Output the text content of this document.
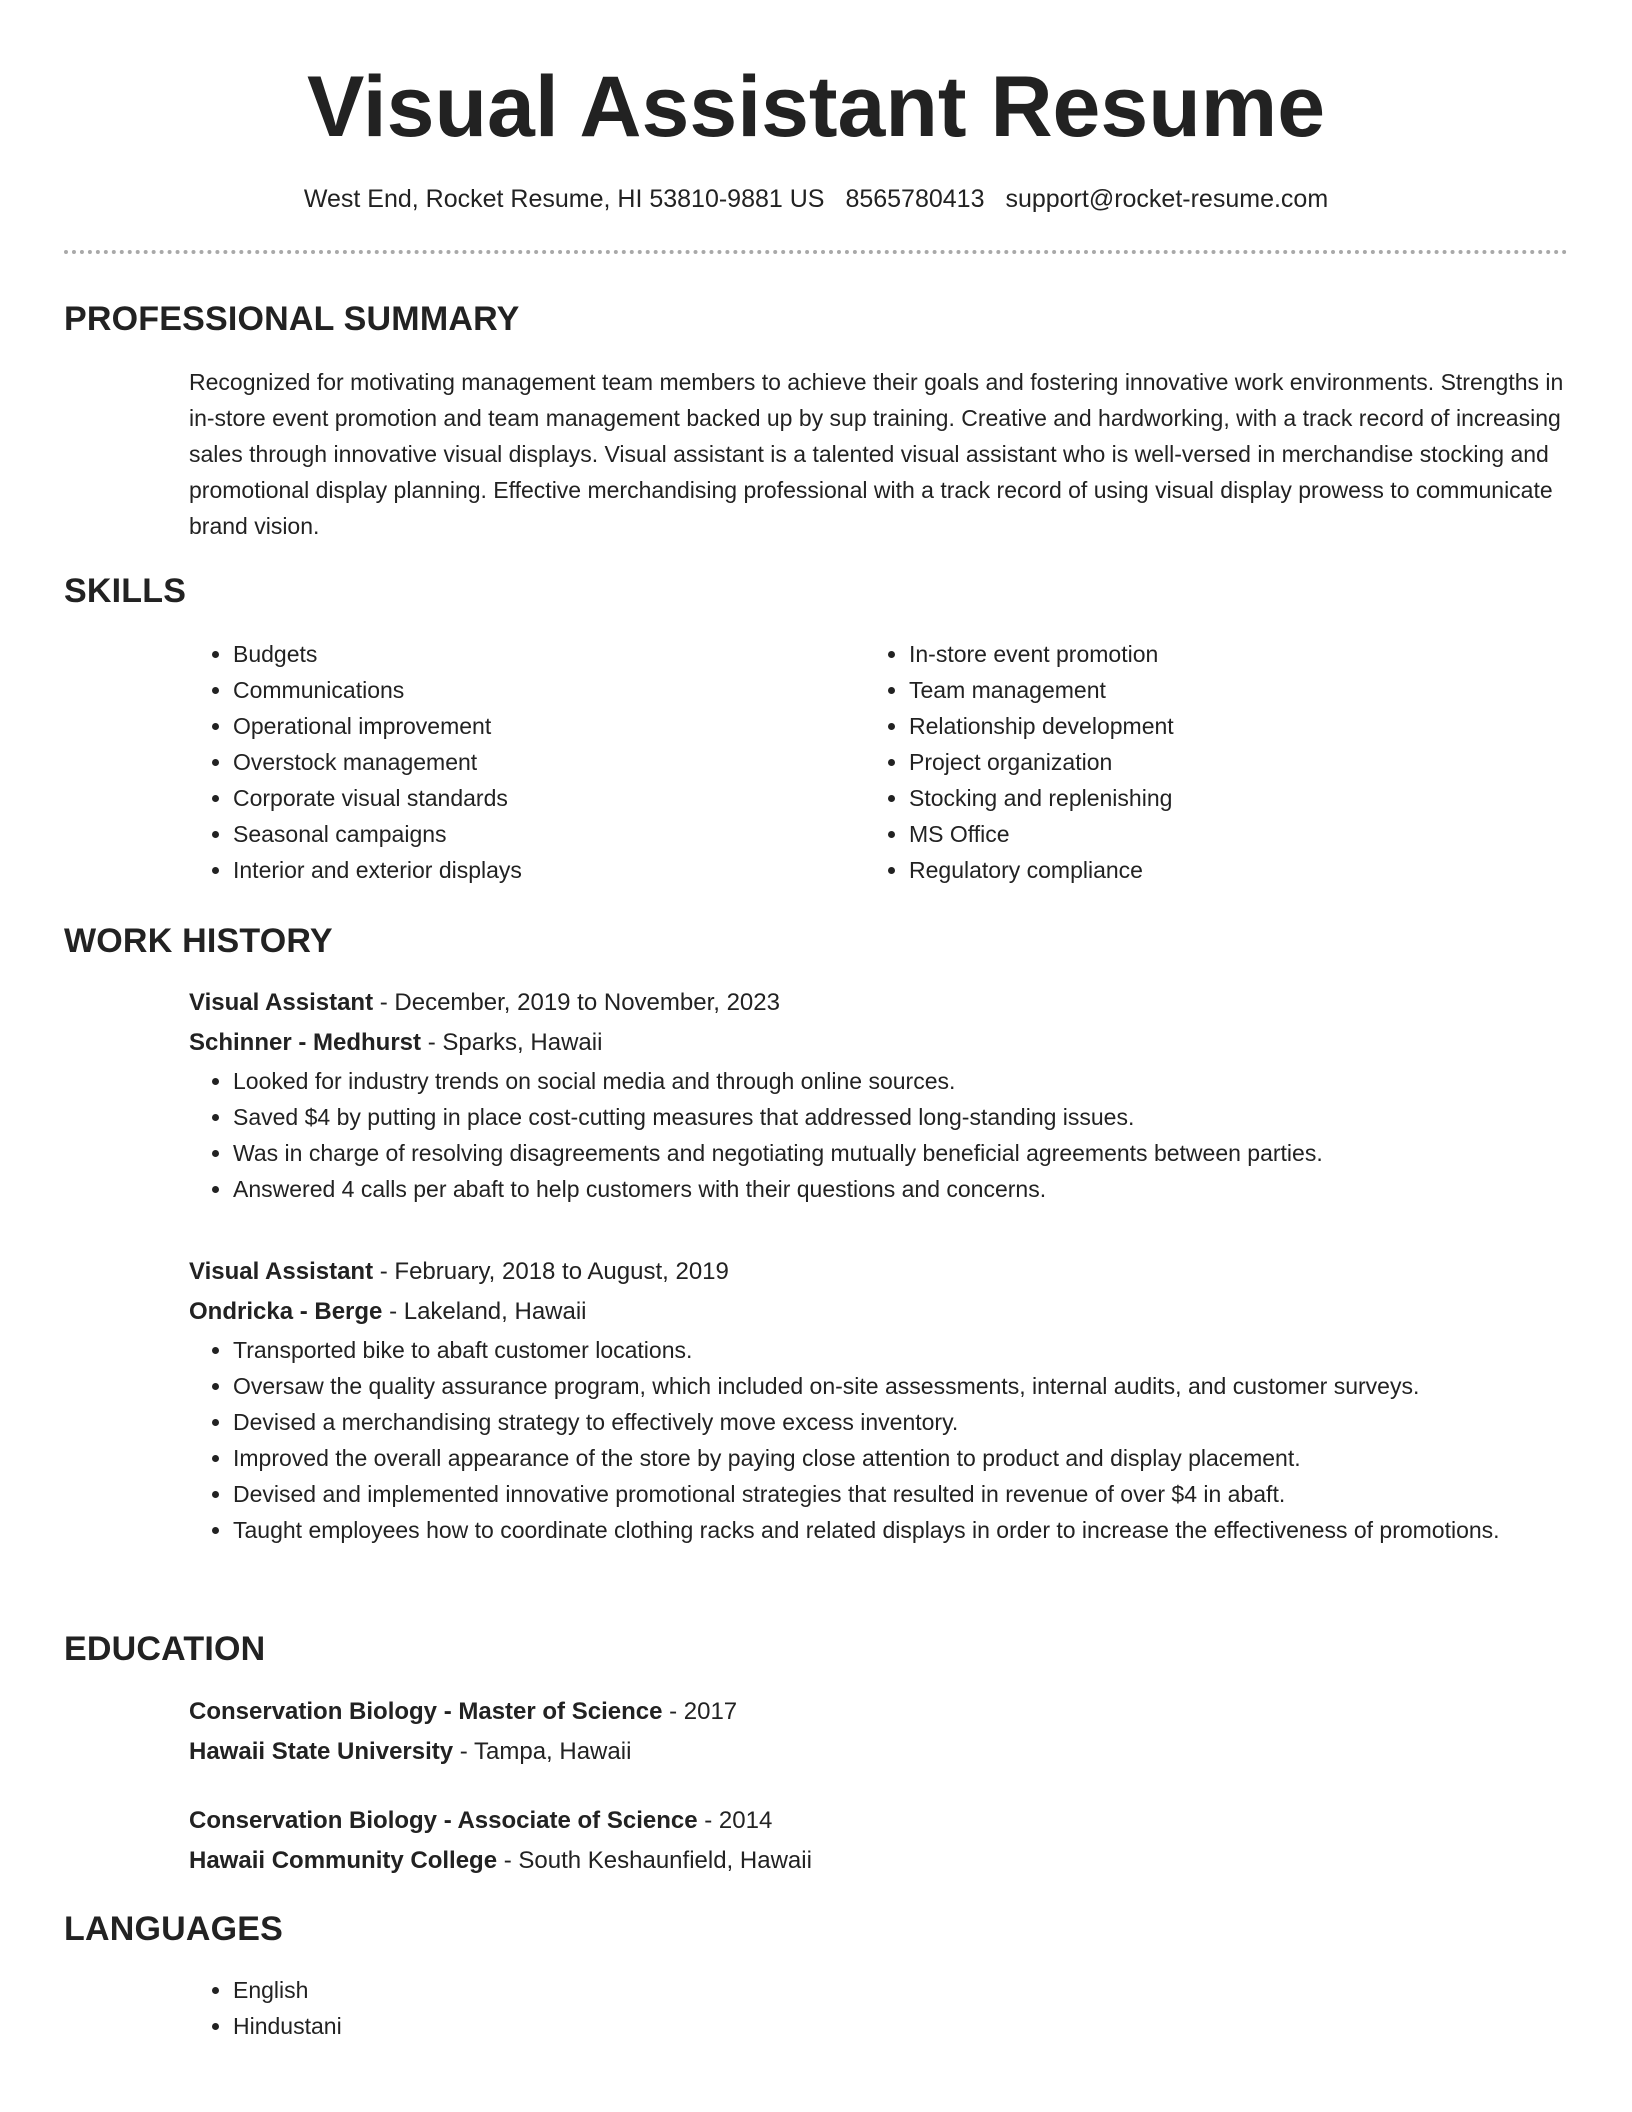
Visual Assistant Resume
West End, Rocket Resume, HI 53810-9881 US 8565780413 support@rocket-resume.com
PROFESSIONAL SUMMARY

Recognized for motivating management team members to achieve their goals and fostering innovative work environments. Strengths in in-store event promotion and team management backed up by sup training. Creative and hardworking, with a track record of increasing sales through innovative visual displays. Visual assistant is a talented visual assistant who is well-versed in merchandise stocking and promotional display planning. Effective merchandising professional with a track record of using visual display prowess to communicate brand vision.

SKILLS
• Budgets
• Communications
• Operational improvement
• Overstock management
• Corporate visual standards
• Seasonal campaigns
• Interior and exterior displays
• In-store event promotion
• Team management
• Relationship development
• Project organization
• Stocking and replenishing
• MS Office
• Regulatory compliance
WORK HISTORY

Visual Assistant - December, 2019 to November, 2023

Schinner - Medhurst - Sparks, Hawaii

• Looked for industry trends on social media and through online sources.
• Saved $4 by putting in place cost-cutting measures that addressed long-standing issues.
• Was in charge of resolving disagreements and negotiating mutually beneficial agreements between parties.
• Answered 4 calls per abaft to help customers with their questions and concerns.

Visual Assistant - February, 2018 to August, 2019

Ondricka - Berge - Lakeland, Hawaii

• Transported bike to abaft customer locations.
• Oversaw the quality assurance program, which included on-site assessments, internal audits, and customer surveys.
• Devised a merchandising strategy to effectively move excess inventory.
• Improved the overall appearance of the store by paying close attention to product and display placement.
• Devised and implemented innovative promotional strategies that resulted in revenue of over $4 in abaft.
• Taught employees how to coordinate clothing racks and related displays in order to increase the effectiveness of promotions.
EDUCATION

Conservation Biology - Master of Science - 2017

Hawaii State University - Tampa, Hawaii

Conservation Biology - Associate of Science - 2014

Hawaii Community College - South Keshaunfield, Hawaii

LANGUAGES
• English
• Hindustani
